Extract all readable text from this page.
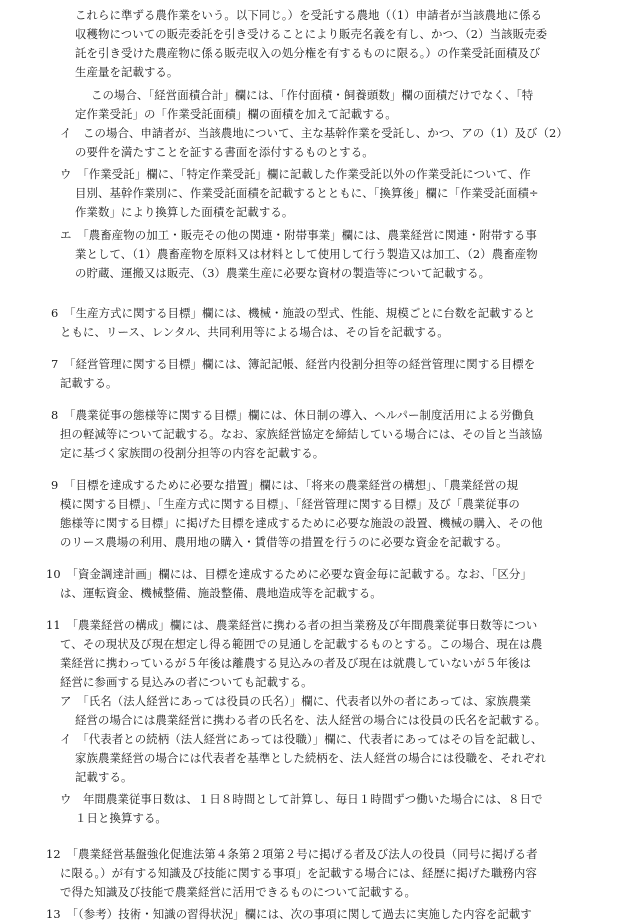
これらに準ずる農作業をいう。以下同じ。）を受託する農地（（1）申請者が当該農地に係る
収穫物についての販売委託を引き受けることにより販売名義を有し、かつ、（2）当該販売委
託を引き受けた農産物に係る販売収入の処分権を有するものに限る。）の作業受託面積及び
生産量を記載する。
この場合、「経営面積合計」欄には、「作付面積・飼養頭数」欄の面積だけでなく、「特
定作業受託」の「作業受託面積」欄の面積を加えて記載する。
イ　この場合、申請者が、当該農地について、主な基幹作業を受託し、かつ、アの（1）及び（2）
の要件を満たすことを証する書面を添付するものとする。
ウ　「作業受託」欄に、「特定作業受託」欄に記載した作業受託以外の作業受託について、作
目別、基幹作業別に、作業受託面積を記載するとともに、「換算後」欄に「作業受託面積÷
作業数」により換算した面積を記載する。
エ　「農畜産物の加工・販売その他の関連・附帯事業」欄には、農業経営に関連・附帯する事
業として、（1）農畜産物を原料又は材料として使用して行う製造又は加工、（2）農畜産物
の貯蔵、運搬又は販売、（3）農業生産に必要な資材の製造等について記載する。
6　「生産方式に関する目標」欄には、機械・施設の型式、性能、規模ごとに台数を記載すると
ともに、リース、レンタル、共同利用等による場合は、その旨を記載する。
7　「経営管理に関する目標」欄には、簿記記帳、経営内役割分担等の経営管理に関する目標を
記載する。
8　「農業従事の態様等に関する目標」欄には、休日制の導入、ヘルパー制度活用による労働負
担の軽減等について記載する。なお、家族経営協定を締結している場合には、その旨と当該協
定に基づく家族間の役割分担等の内容を記載する。
9　「目標を達成するために必要な措置」欄には、「将来の農業経営の構想」、「農業経営の規
模に関する目標」、「生産方式に関する目標」、「経営管理に関する目標」及び「農業従事の
態様等に関する目標」に掲げた目標を達成するために必要な施設の設置、機械の購入、その他
のリース農場の利用、農用地の購入・賃借等の措置を行うのに必要な資金を記載する。
10　「資金調達計画」欄には、目標を達成するために必要な資金毎に記載する。なお、「区分」
は、運転資金、機械整備、施設整備、農地造成等を記載する。
11　「農業経営の構成」欄には、農業経営に携わる者の担当業務及び年間農業従事日数等につい
て、その現状及び現在想定し得る範囲での見通しを記載するものとする。この場合、現在は農
業経営に携わっているが５年後は離農する見込みの者及び現在は就農していないが５年後は
経営に参画する見込みの者についても記載する。
ア　「氏名（法人経営にあっては役員の氏名）」欄に、代表者以外の者にあっては、家族農業
経営の場合には農業経営に携わる者の氏名を、法人経営の場合には役員の氏名を記載する。
イ　「代表者との続柄（法人経営にあっては役職）」欄に、代表者にあってはその旨を記載し、
家族農業経営の場合には代表者を基準とした続柄を、法人経営の場合には役職を、それぞれ
記載する。
ウ　年間農業従事日数は、１日８時間として計算し、毎日１時間ずつ働いた場合には、８日で
１日と換算する。
12　「農業経営基盤強化促進法第４条第２項第２号に掲げる者及び法人の役員（同号に掲げる者
に限る。）が有する知識及び技能に関する事項」を記載する場合には、経歴に掲げた職務内容
で得た知識及び技能で農業経営に活用できるものについて記載する。
13　「（参考）技術・知識の習得状況」欄には、次の事項に関して過去に実施した内容を記載す
